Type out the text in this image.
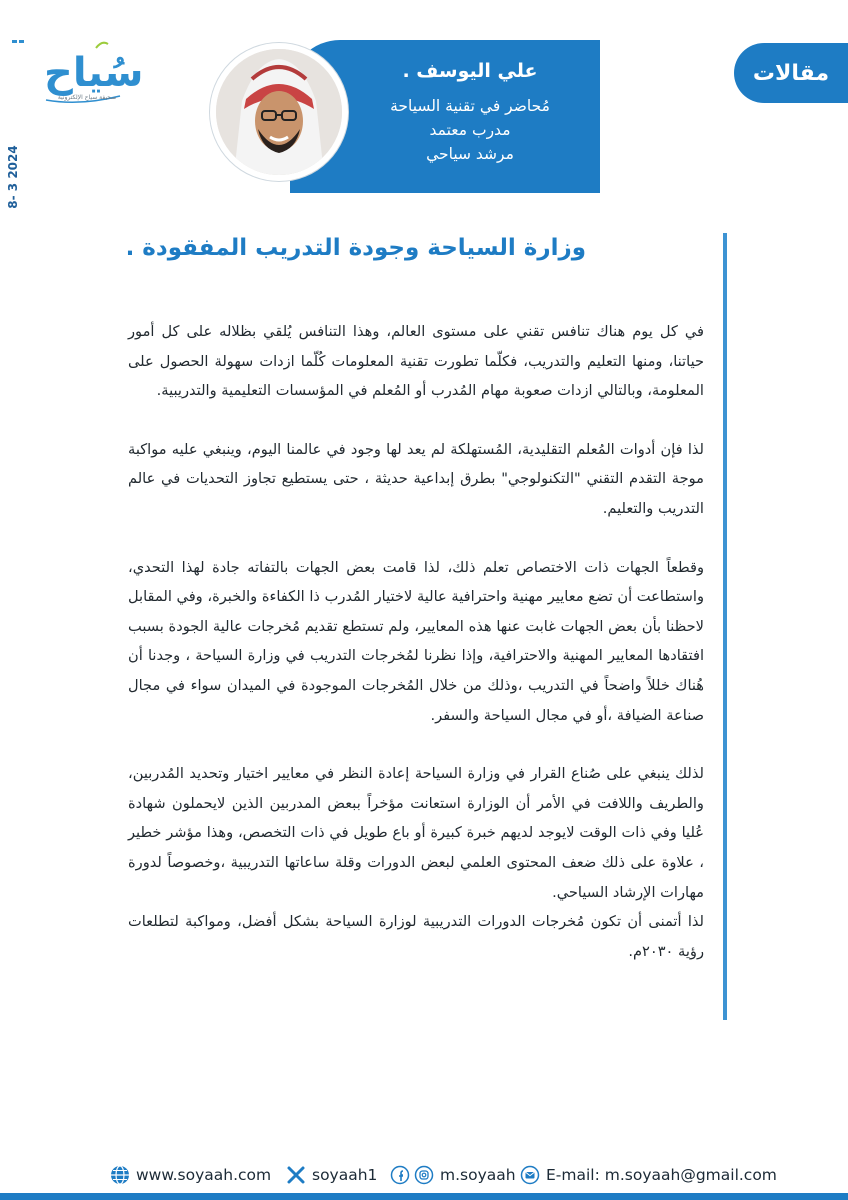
سُياح
صحيفة سياح الإلكترونية
8- 3 2024
مقالات
علي اليوسف .
مُحاضر في تقنية السياحة
مدرب معتمد
مرشد سياحي
وزارة السياحة وجودة التدريب المفقودة .

في كل يوم هناك تنافس تقني على مستوى العالم، وهذا التنافس يُلقي بظلاله على كل أمور حياتنا، ومنها التعليم والتدريب، فكلّما تطورت تقنية المعلومات كُلّما ازدات سهولة الحصول على المعلومة، وبالتالي ازدات صعوبة مهام المُدرب أو المُعلم في المؤسسات التعليمية والتدريبية.

لذا فإن أدوات المُعلم التقليدية، المُستهلكة لم يعد لها وجود في عالمنا اليوم، وينبغي عليه مواكبة موجة التقدم التقني "التكنولوجي" بطرق إبداعية حديثة ، حتى يستطيع تجاوز التحديات في عالم التدريب والتعليم.

وقطعاً الجهات ذات الاختصاص تعلم ذلك، لذا قامت بعض الجهات بالتفاته جادة لهذا التحدي، واستطاعت أن تضع معايير مهنية واحترافية عالية لاختيار المُدرب ذا الكفاءة والخبرة، وفي المقابل لاحظنا بأن بعض الجهات غابت عنها هذه المعايير، ولم تستطع تقديم مُخرجات عالية الجودة بسبب افتقادها المعايير المهنية والاحترافية، وإذا نظرنا لمُخرجات التدريب في وزارة السياحة ، وجدنا أن هُناك خللاً واضحاً في التدريب ،وذلك من خلال المُخرجات الموجودة في الميدان سواء في مجال صناعة الضيافة ،أو في مجال السياحة والسفر.

لذلك ينبغي على صُناع القرار في وزارة السياحة إعادة النظر في معايير اختيار وتحديد المُدربين، والطريف واللافت في الأمر أن الوزارة استعانت مؤخراً ببعض المدربين الذين لايحملون شهادة عُليا وفي ذات الوقت لايوجد لديهم خبرة كبيرة أو باع طويل في ذات التخصص، وهذا مؤشر خطير ، علاوة على ذلك ضعف المحتوى العلمي لبعض الدورات وقلة ساعاتها التدريبية ،وخصوصاً لدورة مهارات الإرشاد السياحي.

لذا أتمنى أن تكون مُخرجات الدورات التدريبية لوزارة السياحة بشكل أفضل، ومواكبة لتطلعات رؤية ٢٠٣٠م.

www.soyaah.com	soyaah1	m.soyaah E-mail: m.soyaah@gmail.com
